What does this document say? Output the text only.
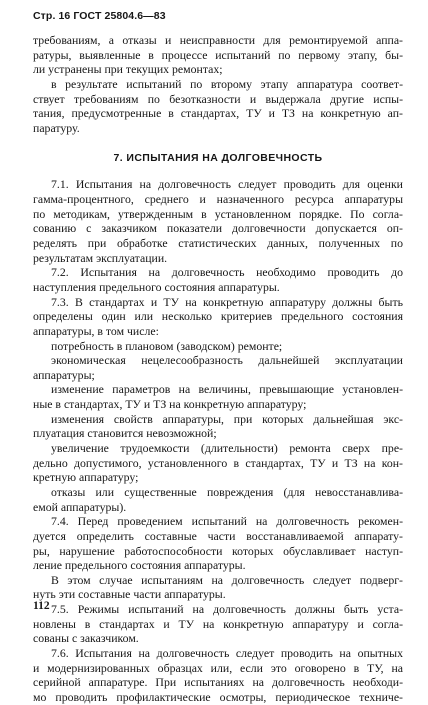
Стр. 16 ГОСТ 25804.6—83
требованиям, а отказы и неисправности для ремонтируемой аппа-
ратуры, выявленные в процессе испытаний по первому этапу, бы-
ли устранены при текущих ремонтах;
в результате испытаний по второму этапу аппаратура соответ-
ствует требованиям по безотказности и выдержала другие испы-
тания, предусмотренные в стандартах, ТУ и ТЗ на конкретную ап-
паратуру.
7. ИСПЫТАНИЯ НА ДОЛГОВЕЧНОСТЬ
7.1. Испытания на долговечность следует проводить для оценки
гамма-процентного, среднего и назначенного ресурса аппаратуры
по методикам, утвержденным в установленном порядке. По согла-
сованию с заказчиком показатели долговечности допускается оп-
ределять при обработке статистических данных, полученных по
результатам эксплуатации.
7.2. Испытания на долговечность необходимо проводить до
наступления предельного состояния аппаратуры.
7.3. В стандартах и ТУ на конкретную аппаратуру должны быть
определены один или несколько критериев предельного состояния
аппаратуры, в том числе:
потребность в плановом (заводском) ремонте;
экономическая нецелесообразность дальнейшей эксплуатации
аппаратуры;
изменение параметров на величины, превышающие установлен-
ные в стандартах, ТУ и ТЗ на конкретную аппаратуру;
изменения свойств аппаратуры, при которых дальнейшая экс-
плуатация становится невозможной;
увеличение трудоемкости (длительности) ремонта сверх пре-
дельно допустимого, установленного в стандартах, ТУ и ТЗ на кон-
кретную аппаратуру;
отказы или существенные повреждения (для невосстанавлива-
емой аппаратуры).
7.4. Перед проведением испытаний на долговечность рекомен-
дуется определить составные части восстанавливаемой аппарату-
ры, нарушение работоспособности которых обуславливает наступ-
ление предельного состояния аппаратуры.
В этом случае испытаниям на долговечность следует подверг-
нуть эти составные части аппаратуры.
7.5. Режимы испытаний на долговечность должны быть уста-
новлены в стандартах и ТУ на конкретную аппаратуру и согла-
сованы с заказчиком.
7.6. Испытания на долговечность следует проводить на опытных
и модернизированных образцах или, если это оговорено в ТУ, на
серийной аппаратуре. При испытаниях на долговечность необходи-
мо проводить профилактические осмотры, периодическое техниче-
112
